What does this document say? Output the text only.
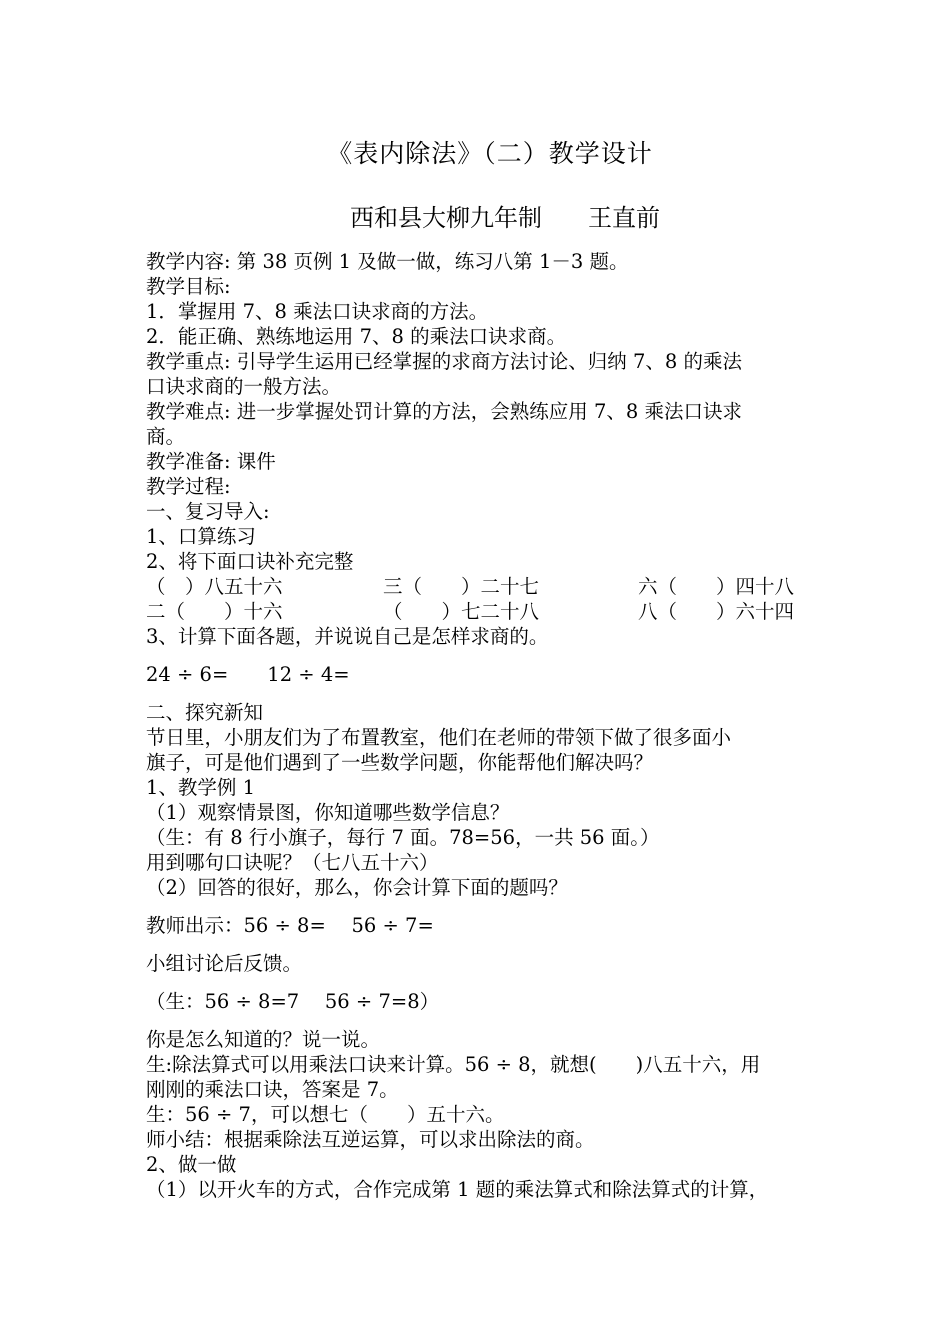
《表内除法》（二）教学设计
西和县大柳九年制 王直前
教学内容: 第 38 页例 1 及做一做，练习八第 1－3 题。
教学目标:
1．掌握用 7、8 乘法口诀求商的方法。
2．能正确、熟练地运用 7、8 的乘法口诀求商。
教学重点: 引导学生运用已经掌握的求商方法讨论、归纳 7、8 的乘法
口诀求商的一般方法。
教学难点: 进一步掌握处罚计算的方法，会熟练应用 7、8 乘法口诀求
商。
教学准备: 课件
教学过程:
一、复习导入:
1、口算练习
2、将下面口诀补充完整
（　）八五十六	三（　　）二十七	六（　　）四十八
二（　　）十六	（　　）七二十八	八（　　）六十四
3、计算下面各题，并说说自己是怎样求商的。
24 ÷ 6=　　12 ÷ 4=
二、探究新知
节日里，小朋友们为了布置教室，他们在老师的带领下做了很多面小
旗子，可是他们遇到了一些数学问题，你能帮他们解决吗？
1、教学例 1
（1）观察情景图，你知道哪些数学信息？
（生：有 8 行小旗子，每行 7 面。78=56，一共 56 面。）
用到哪句口诀呢？（七八五十六）
（2）回答的很好，那么，你会计算下面的题吗？
教师出示：56 ÷ 8=　 56 ÷ 7=
小组讨论后反馈。
（生：56 ÷ 8=7　 56 ÷ 7=8）
你是怎么知道的？说一说。
生:除法算式可以用乘法口诀来计算。56 ÷ 8，就想(　　)八五十六，用
刚刚的乘法口诀，答案是 7。
生：56 ÷ 7，可以想七（　　）五十六。
师小结：根据乘除法互逆运算，可以求出除法的商。
2、做一做
（1）以开火车的方式，合作完成第 1 题的乘法算式和除法算式的计算，
